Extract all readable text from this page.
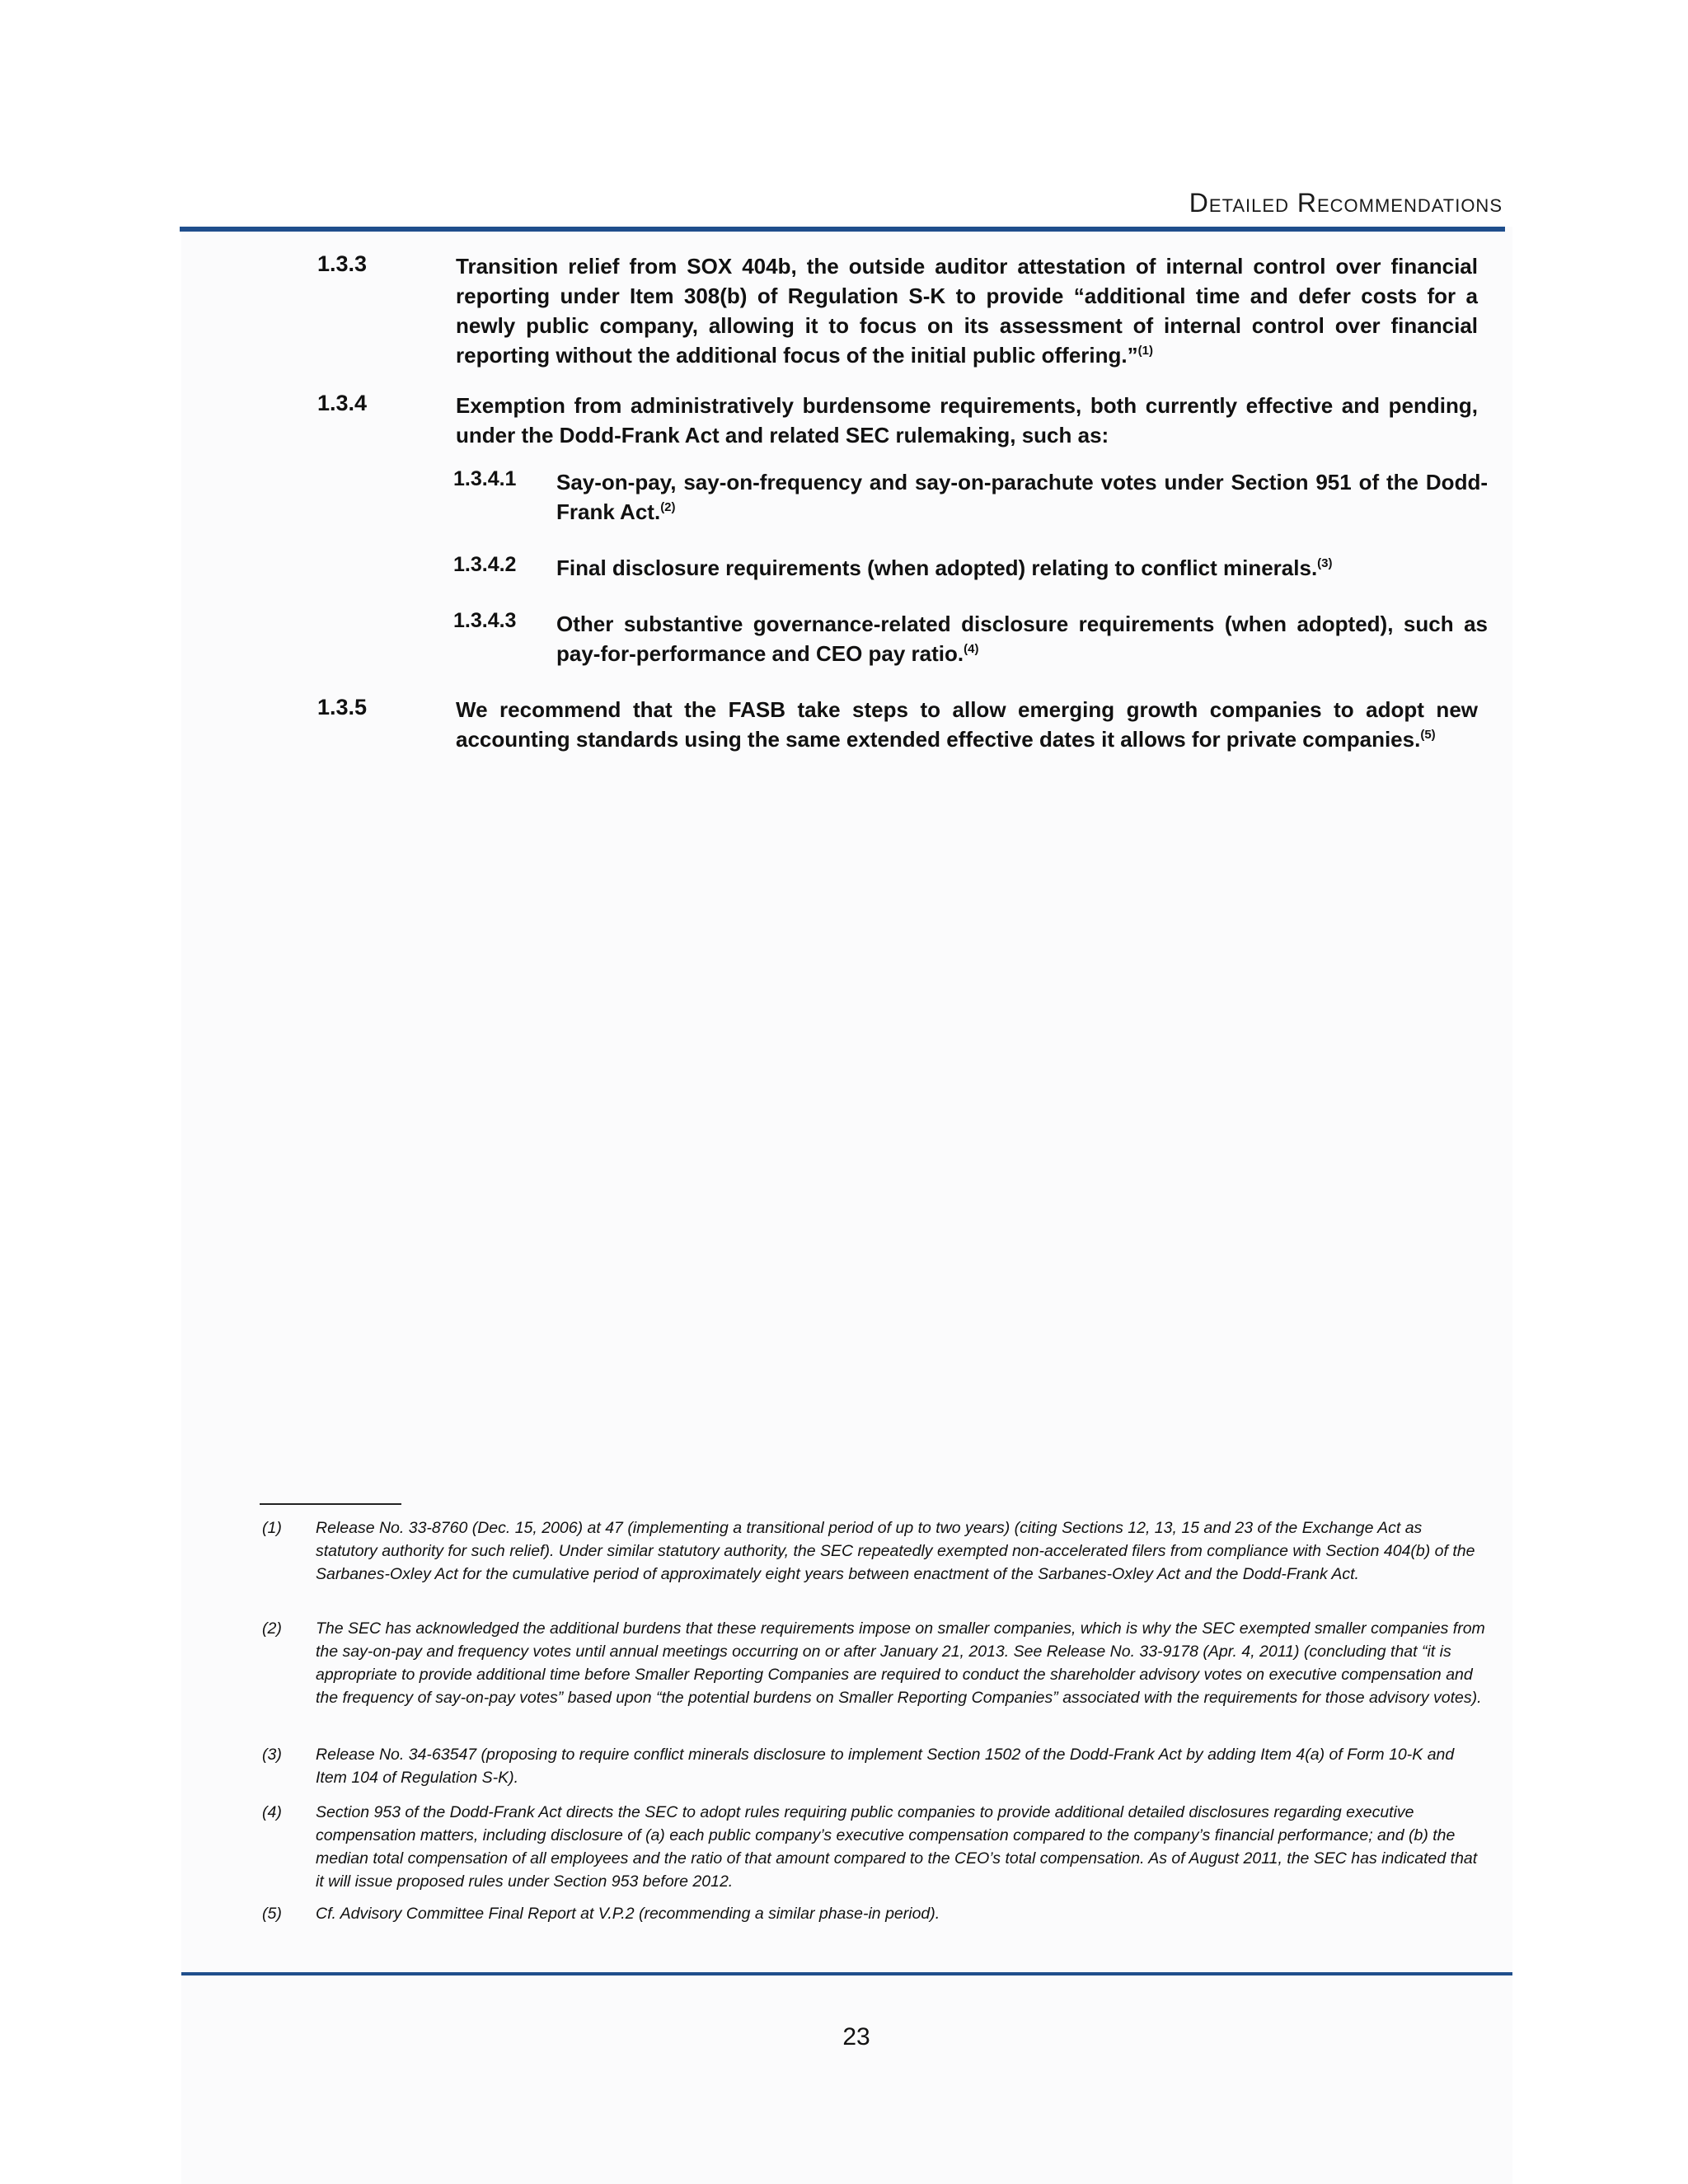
Detailed Recommendations
1.3.3	Transition relief from SOX 404b, the outside auditor attestation of internal control over financial reporting under Item 308(b) of Regulation S-K to provide “additional time and defer costs for a newly public company, allowing it to focus on its assessment of internal control over financial reporting without the additional focus of the initial public offering.”$^{(1)}$
1.3.4	Exemption from administratively burdensome requirements, both currently effective and pending, under the Dodd-Frank Act and related SEC rulemaking, such as:
1.3.4.1 Say-on-pay, say-on-frequency and say-on-parachute votes under Section 951 of the Dodd-Frank Act.$^{(2)}$
1.3.4.2 Final disclosure requirements (when adopted) relating to conflict minerals.$^{(3)}$
1.3.4.3 Other substantive governance-related disclosure requirements (when adopted), such as pay-for-performance and CEO pay ratio.$^{(4)}$
1.3.5	We recommend that the FASB take steps to allow emerging growth companies to adopt new accounting standards using the same extended effective dates it allows for private companies.$^{(5)}$
(1) Release No. 33-8760 (Dec. 15, 2006) at 47 (implementing a transitional period of up to two years) (citing Sections 12, 13, 15 and 23 of the Exchange Act as statutory authority for such relief). Under similar statutory authority, the SEC repeatedly exempted non-accelerated filers from compliance with Section 404(b) of the Sarbanes-Oxley Act for the cumulative period of approximately eight years between enactment of the Sarbanes-Oxley Act and the Dodd-Frank Act.
(2) The SEC has acknowledged the additional burdens that these requirements impose on smaller companies, which is why the SEC exempted smaller companies from the say-on-pay and frequency votes until annual meetings occurring on or after January 21, 2013. See Release No. 33-9178 (Apr. 4, 2011) (concluding that “it is appropriate to provide additional time before Smaller Reporting Companies are required to conduct the shareholder advisory votes on executive compensation and the frequency of say-on-pay votes” based upon “the potential burdens on Smaller Reporting Companies” associated with the requirements for those advisory votes).
(3) Release No. 34-63547 (proposing to require conflict minerals disclosure to implement Section 1502 of the Dodd-Frank Act by adding Item 4(a) of Form 10-K and Item 104 of Regulation S-K).
(4) Section 953 of the Dodd-Frank Act directs the SEC to adopt rules requiring public companies to provide additional detailed disclosures regarding executive compensation matters, including disclosure of (a) each public company’s executive compensation compared to the company’s financial performance; and (b) the median total compensation of all employees and the ratio of that amount compared to the CEO’s total compensation. As of August 2011, the SEC has indicated that it will issue proposed rules under Section 953 before 2012.
(5) Cf. Advisory Committee Final Report at V.P.2 (recommending a similar phase-in period).
23
